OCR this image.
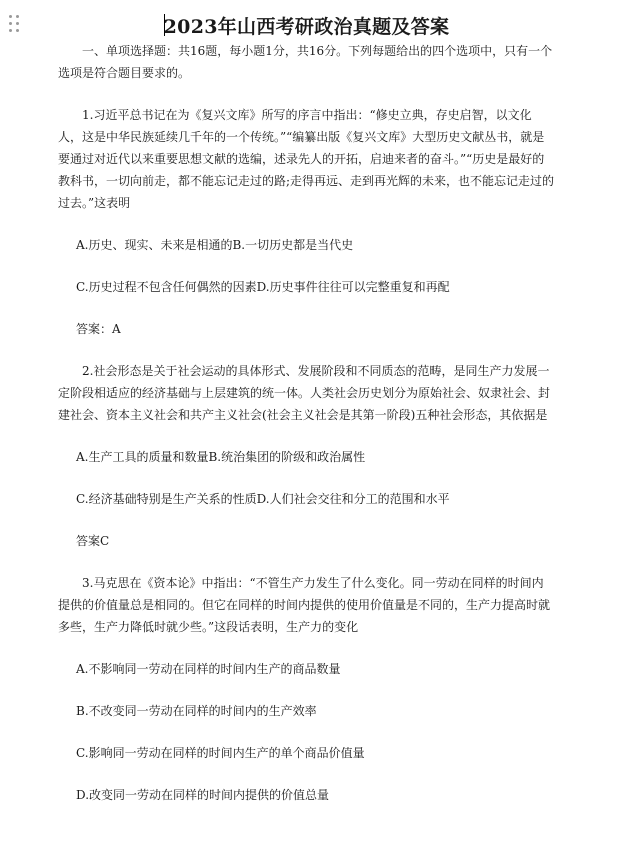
2023年山西考研政治真题及答案

一、单项选择题：共16题，每小题1分，共16分。下列每题给出的四个选项中，只有一个选项是符合题目要求的。

1.习近平总书记在为《复兴文库》所写的序言中指出：“修史立典，存史启智，以文化人，这是中华民族延续几千年的一个传统。”“编纂出版《复兴文库》大型历史文献丛书，就是要通过对近代以来重要思想文献的选编，述录先人的开拓，启迪来者的奋斗。”“历史是最好的教科书，一切向前走，都不能忘记走过的路;走得再远、走到再光辉的未来，也不能忘记走过的过去。”这表明

A.历史、现实、未来是相通的B.一切历史都是当代史

C.历史过程不包含任何偶然的因素D.历史事件往往可以完整重复和再配

答案：A

2.社会形态是关于社会运动的具体形式、发展阶段和不同质态的范畴，是同生产力发展一定阶段相适应的经济基础与上层建筑的统一体。人类社会历史划分为原始社会、奴隶社会、封建社会、资本主义社会和共产主义社会(社会主义社会是其第一阶段)五种社会形态，其依据是

A.生产工具的质量和数量B.统治集团的阶级和政治属性

C.经济基础特别是生产关系的性质D.人们社会交往和分工的范围和水平

答案C

3.马克思在《资本论》中指出：“不管生产力发生了什么变化。同一劳动在同样的时间内提供的价值量总是相同的。但它在同样的时间内提供的使用价值量是不同的，生产力提高时就多些，生产力降低时就少些。”这段话表明，生产力的变化

A.不影响同一劳动在同样的时间内生产的商品数量

B.不改变同一劳动在同样的时间内的生产效率

C.影响同一劳动在同样的时间内生产的单个商品价值量

D.改变同一劳动在同样的时间内提供的价值总量
